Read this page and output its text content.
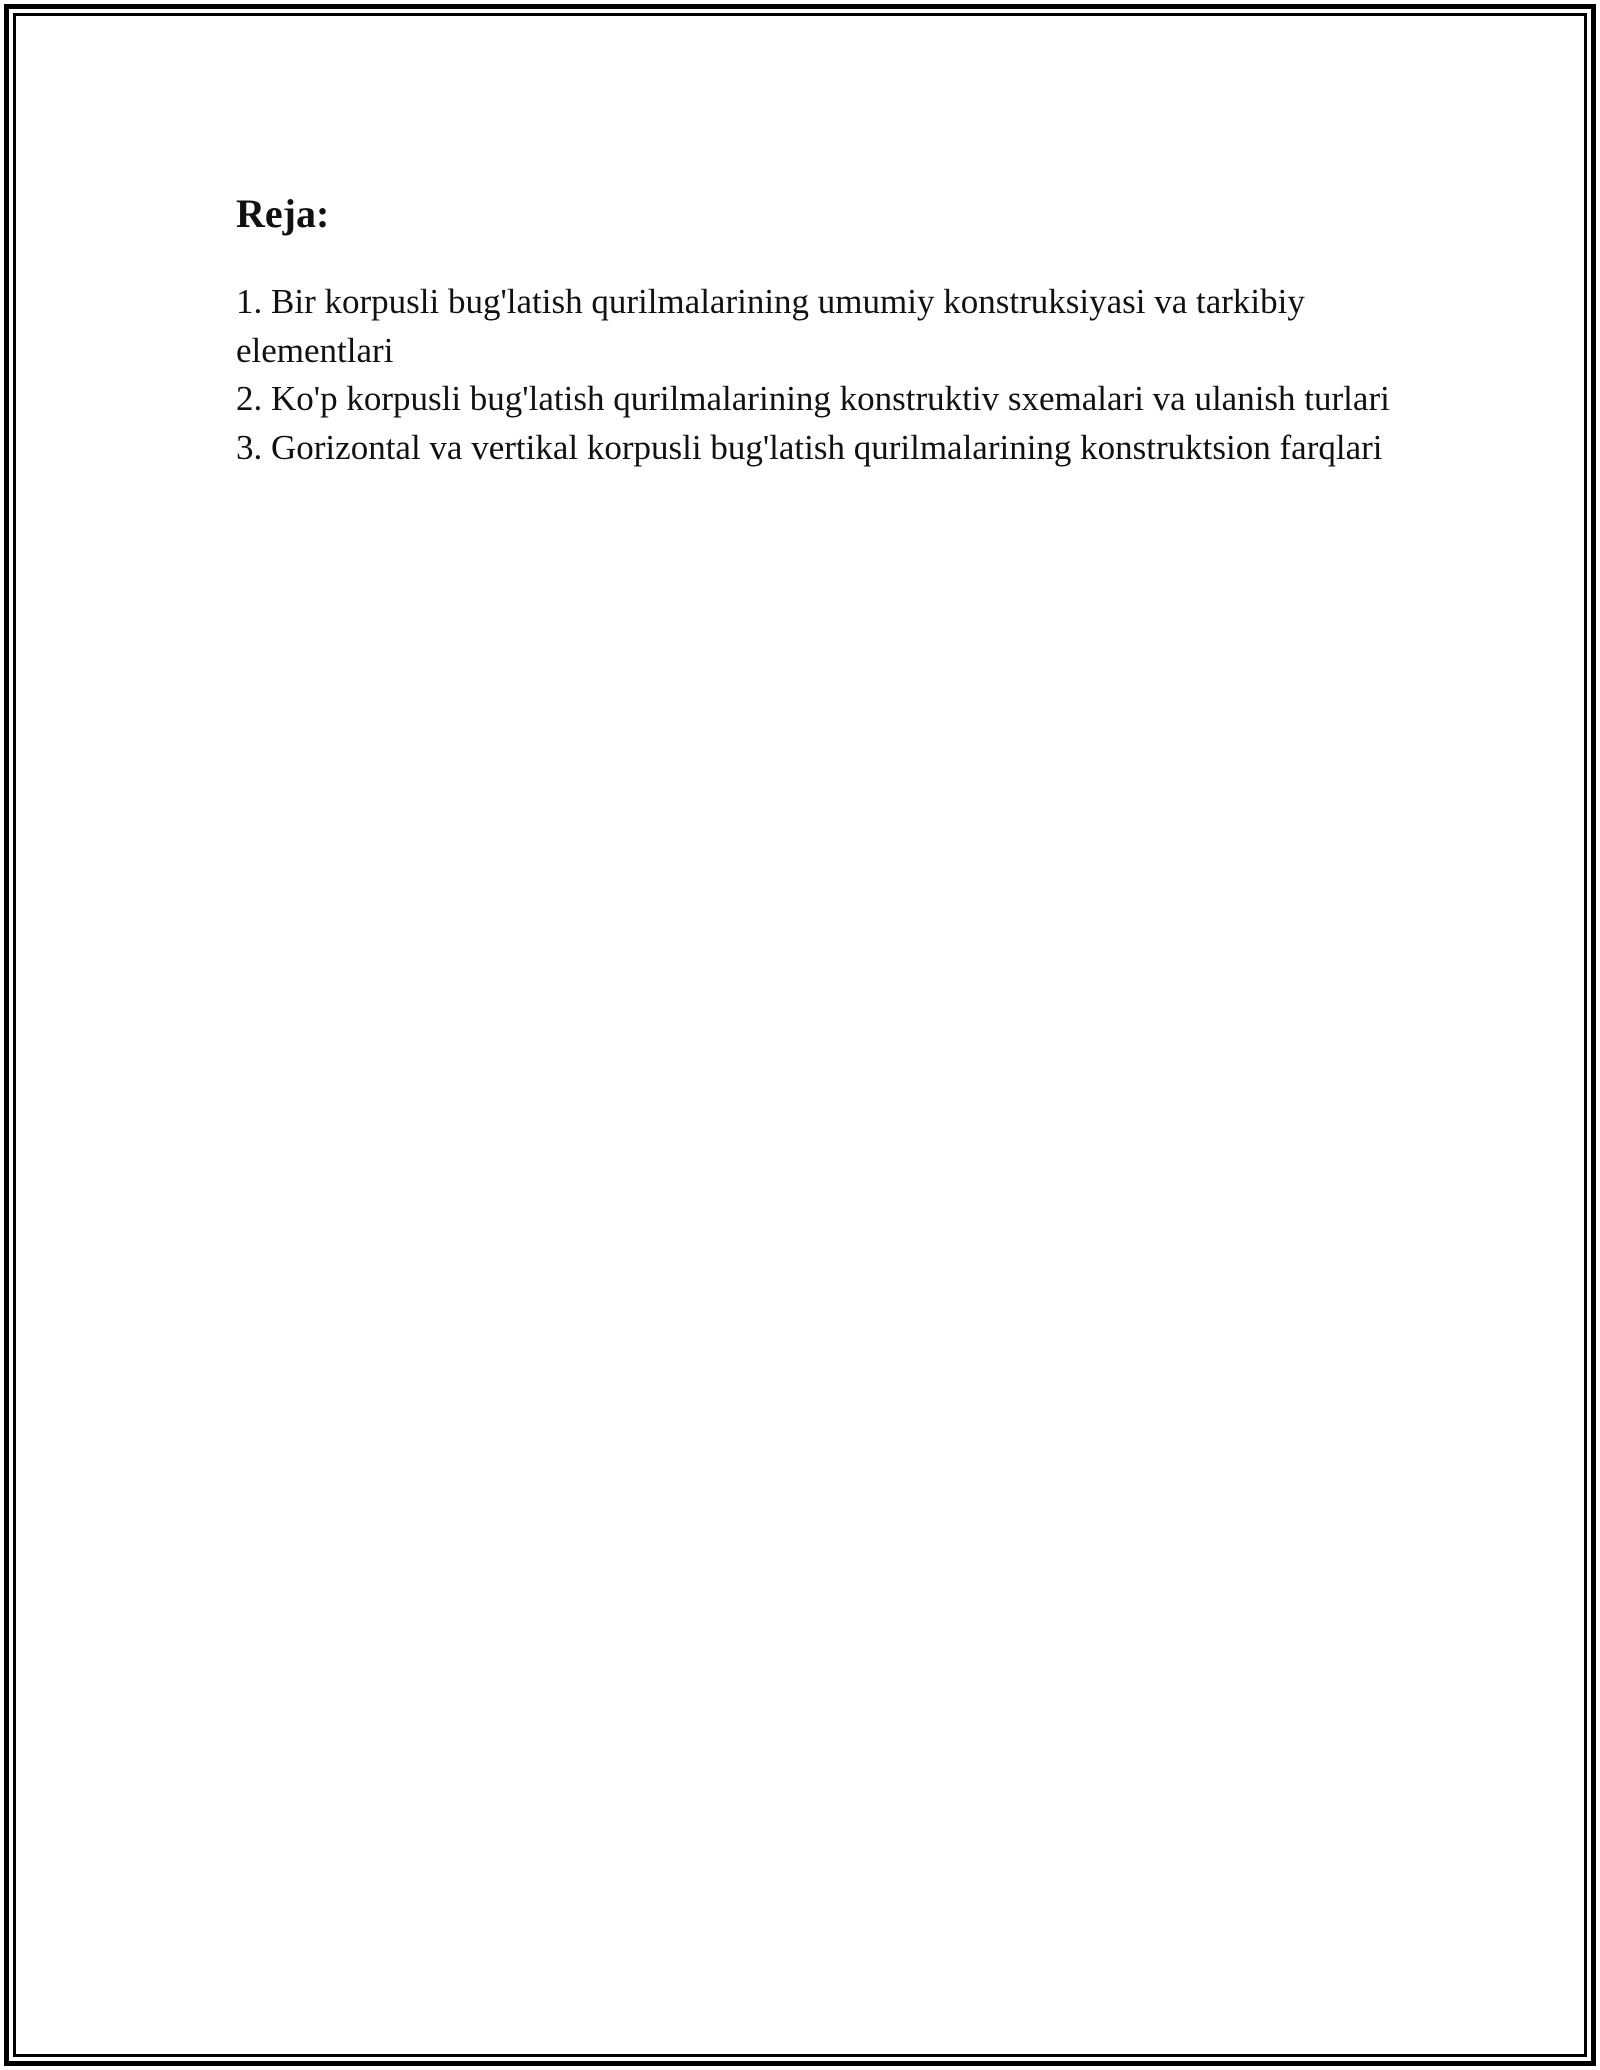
Reja:
1. Bir korpusli bug'latish qurilmalarining umumiy konstruksiyasi va tarkibiy elementlari
2. Ko'p korpusli bug'latish qurilmalarining konstruktiv sxemalari va ulanish turlari
3. Gorizontal va vertikal korpusli bug'latish qurilmalarining konstruktsion farqlari
